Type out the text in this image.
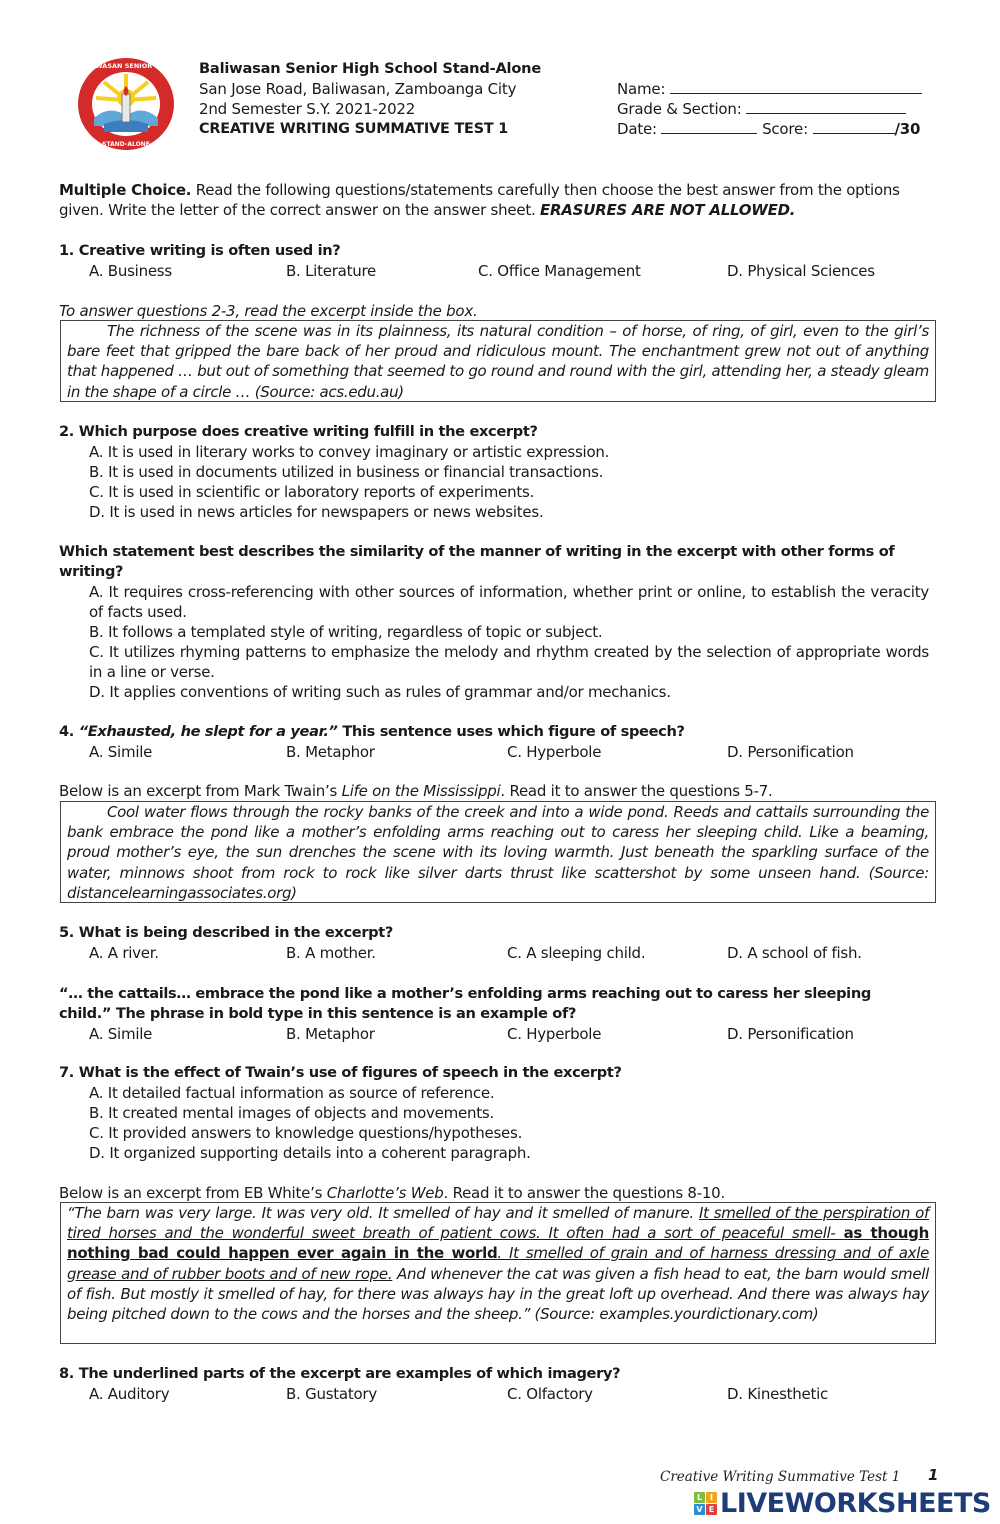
BALIWASAN SENIOR HIGH
STAND-ALONE
Baliwasan Senior High School Stand-Alone
San Jose Road, Baliwasan, Zamboanga City
2nd Semester S.Y. 2021-2022
CREATIVE WRITING SUMMATIVE TEST 1
Name:
Grade & Section:
Date:	Score:	/30
Multiple Choice. Read the following questions/statements carefully then choose the best answer from the options given. Write the letter of the correct answer on the answer sheet. ERASURES ARE NOT ALLOWED.
1. Creative writing is often used in?
A. Business	B. Literature	C. Office Management	D. Physical Sciences
To answer questions 2-3, read the excerpt inside the box.
The richness of the scene was in its plainness, its natural condition – of horse, of ring, of girl, even to the girl’s bare feet that gripped the bare back of her proud and ridiculous mount. The enchantment grew not out of anything that happened … but out of something that seemed to go round and round with the girl, attending her, a steady gleam in the shape of a circle … (Source: acs.edu.au)
2. Which purpose does creative writing fulfill in the excerpt?
A. It is used in literary works to convey imaginary or artistic expression.
B. It is used in documents utilized in business or financial transactions.
C. It is used in scientific or laboratory reports of experiments.
D. It is used in news articles for newspapers or news websites.
Which statement best describes the similarity of the manner of writing in the excerpt with other forms of
writing?
A. It requires cross-referencing with other sources of information, whether print or online, to establish the veracity of facts used.
B. It follows a templated style of writing, regardless of topic or subject.
C. It utilizes rhyming patterns to emphasize the melody and rhythm created by the selection of appropriate words in a line or verse.
D. It applies conventions of writing such as rules of grammar and/or mechanics.
4. “Exhausted, he slept for a year.” This sentence uses which figure of speech?
A. Simile	B. Metaphor	C. Hyperbole	D. Personification
Below is an excerpt from Mark Twain’s Life on the Mississippi. Read it to answer the questions 5-7.
Cool water flows through the rocky banks of the creek and into a wide pond. Reeds and cattails surrounding the bank embrace the pond like a mother’s enfolding arms reaching out to caress her sleeping child. Like a beaming, proud mother’s eye, the sun drenches the scene with its loving warmth. Just beneath the sparkling surface of the water, minnows shoot from rock to rock like silver darts thrust like scattershot by some unseen hand. (Source: distancelearningassociates.org)
5. What is being described in the excerpt?
A. A river.	B. A mother.	C. A sleeping child.	D. A school of fish.
“… the cattails… embrace the pond like a mother’s enfolding arms reaching out to caress her sleeping
child.” The phrase in bold type in this sentence is an example of?
A. Simile	B. Metaphor	C. Hyperbole	D. Personification
7. What is the effect of Twain’s use of figures of speech in the excerpt?
A. It detailed factual information as source of reference.
B. It created mental images of objects and movements.
C. It provided answers to knowledge questions/hypotheses.
D. It organized supporting details into a coherent paragraph.
Below is an excerpt from EB White’s Charlotte’s Web. Read it to answer the questions 8-10.
“The barn was very large. It was very old. It smelled of hay and it smelled of manure. It smelled of the perspiration of tired horses and the wonderful sweet breath of patient cows. It often had a sort of peaceful smell- as though nothing bad could happen ever again in the world. It smelled of grain and of harness dressing and of axle grease and of rubber boots and of new rope. And whenever the cat was given a fish head to eat, the barn would smell of fish. But mostly it smelled of hay, for there was always hay in the great loft up overhead. And there was always hay being pitched down to the cows and the horses and the sheep.” (Source: examples.yourdictionary.com)
8. The underlined parts of the excerpt are examples of which imagery?
A. Auditory	B. Gustatory	C. Olfactory	D. Kinesthetic
Creative Writing Summative Test 1 1
L I
V E LIVEWORKSHEETS
